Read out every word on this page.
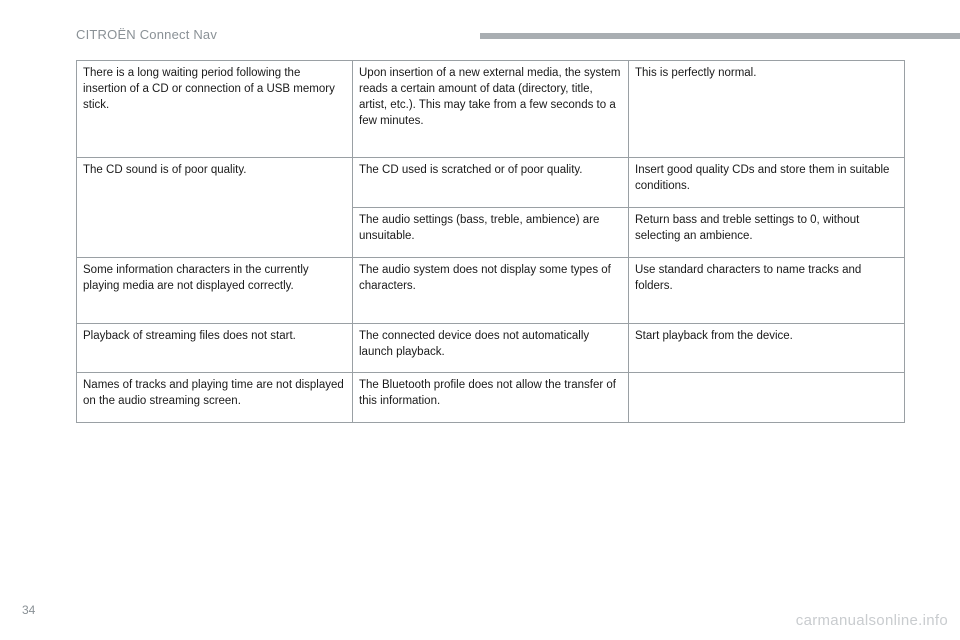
CITROËN Connect Nav
There is a long waiting period following the insertion of a CD or connection of a USB memory stick.	Upon insertion of a new external media, the system reads a certain amount of data (directory, title, artist, etc.). This may take from a few seconds to a few minutes.	This is perfectly normal.
The CD sound is of poor quality.	The CD used is scratched or of poor quality.	Insert good quality CDs and store them in suitable conditions.
	The audio settings (bass, treble, ambience) are unsuitable.	Return bass and treble settings to 0, without selecting an ambience.
Some information characters in the currently playing media are not displayed correctly.	The audio system does not display some types of characters.	Use standard characters to name tracks and folders.
Playback of streaming files does not start.	The connected device does not automatically launch playback.	Start playback from the device.
Names of tracks and playing time are not displayed on the audio streaming screen.	The Bluetooth profile does not allow the transfer of this information.	
34
carmanualsonline.info
